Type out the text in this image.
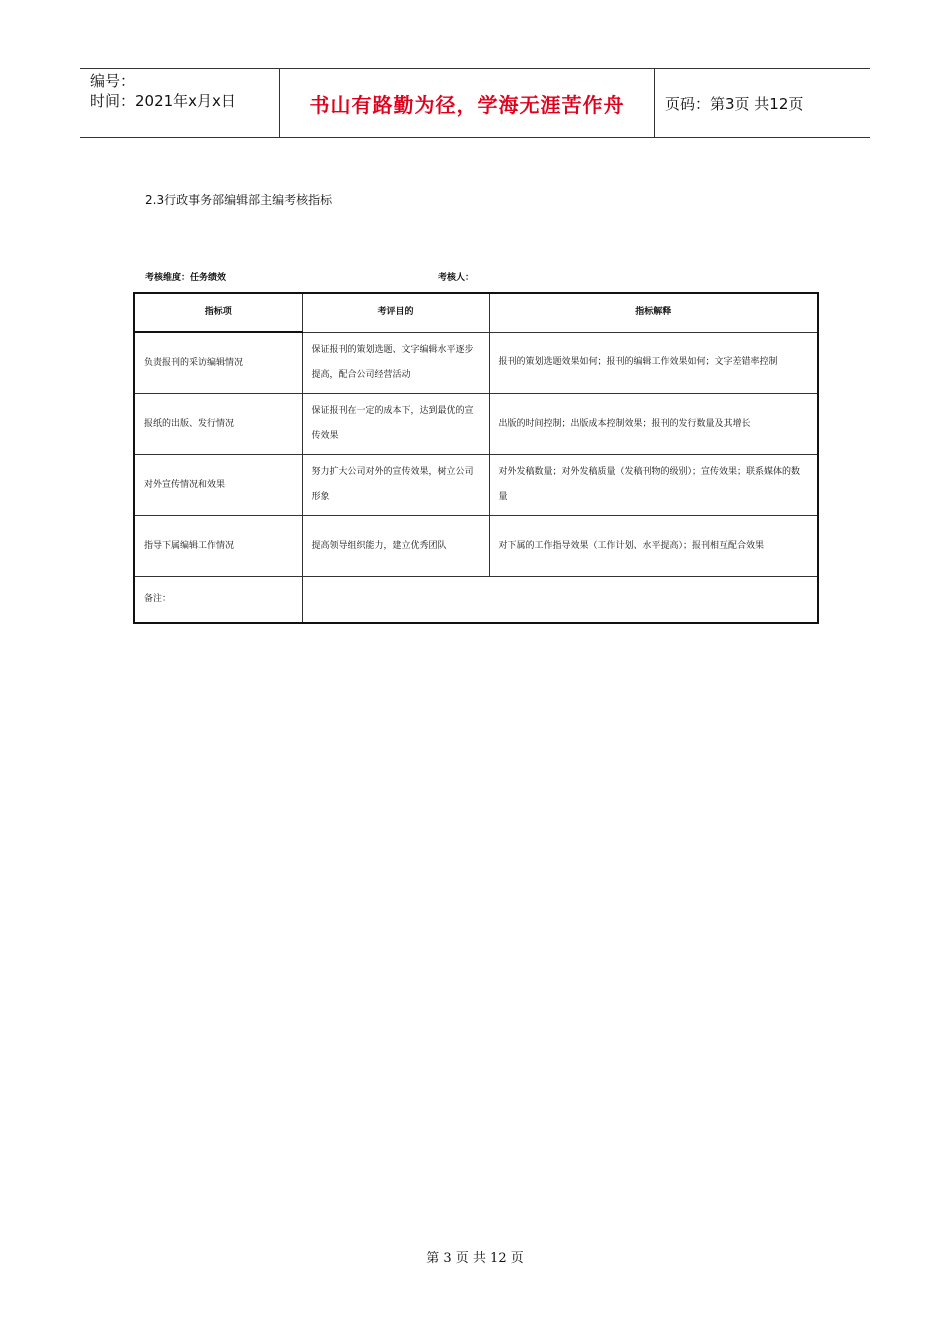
编号：
时间：2021年x月x日	书山有路勤为径，学海无涯苦作舟	页码：第3页 共12页
2.3行政事务部编辑部主编考核指标
考核维度：任务绩效	考核人：
指标项	考评目的	指标解释
负责报刊的采访编辑情况	保证报刊的策划选题、文字编辑水平逐步提高，配合公司经营活动	报刊的策划选题效果如何；报刊的编辑工作效果如何；文字差错率控制
报纸的出版、发行情况	保证报刊在一定的成本下，达到最优的宣传效果	出版的时间控制；出版成本控制效果；报刊的发行数量及其增长
对外宣传情况和效果	努力扩大公司对外的宣传效果，树立公司形象	对外发稿数量；对外发稿质量（发稿刊物的级别）；宣传效果；联系媒体的数量
指导下属编辑工作情况	提高领导组织能力，建立优秀团队	对下属的工作指导效果（工作计划、水平提高）；报刊相互配合效果
备注：		
第 3 页 共 12 页
